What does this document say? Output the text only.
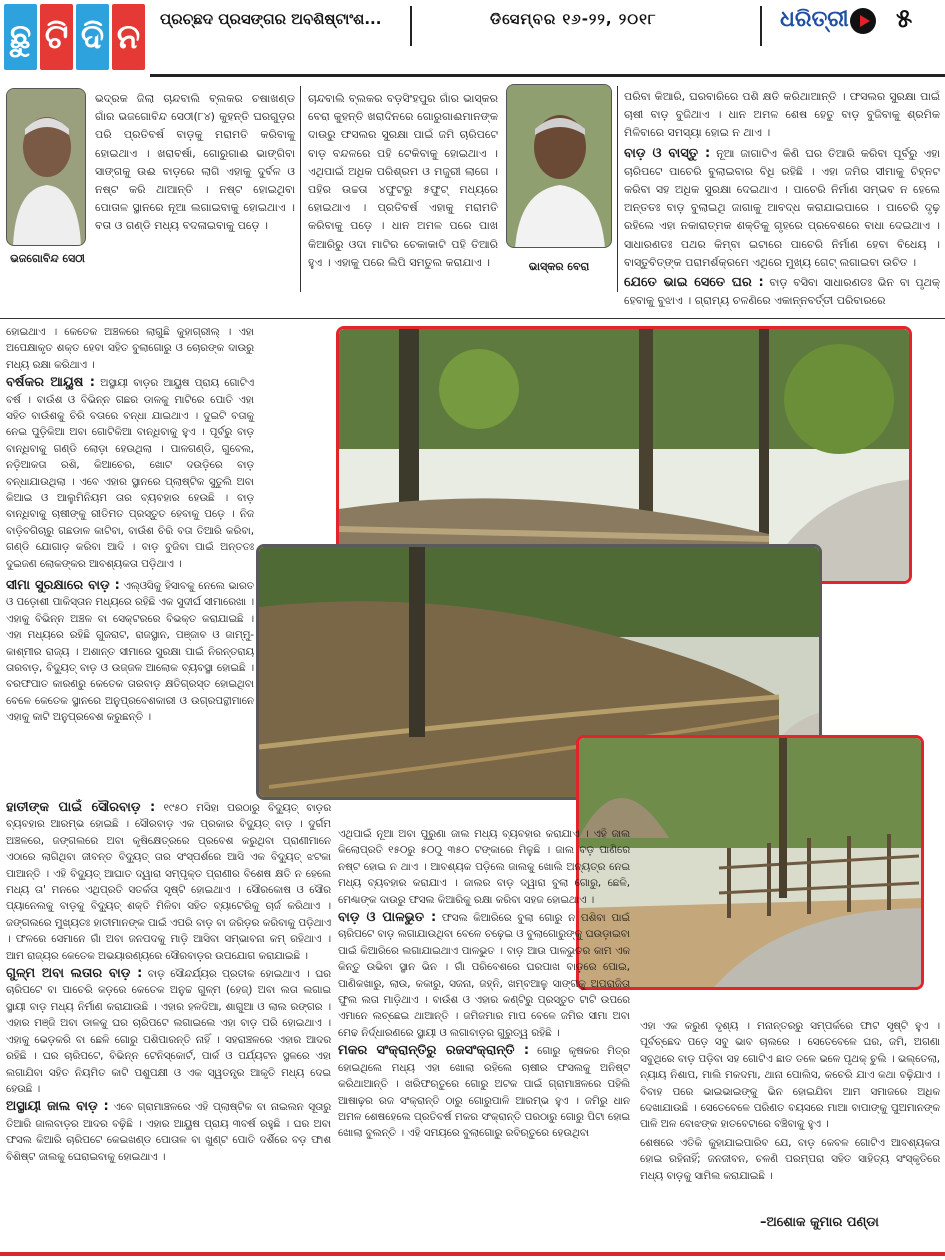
ଛୁ ଟି ଦି ନ	ପ୍ରଚ୍ଛଦ ପ୍ରସଙ୍ଗର ଅବଶିଷ୍ଟାଂଶ...	ଡିସେମ୍ବର ୧୬-୨୨, ୨୦୧୮	ଧରିତ୍ରୀ ୫
ଭଜଗୋବିନ୍ଦ ସେଠୀ

ଭଦ୍ରକ ଜିଲା ଚାନ୍ଦବାଲି ବ୍ଲକର ଚଷାଖଣ୍ଡ ଗାଁର ଭଜଗୋବିନ୍ଦ ସେଠୀ(୮୪) କୁହନ୍ତି ଘରଗୁଡ଼ର ପରି ପ୍ରତିବର୍ଷ ବାଡ଼କୁ ମରାମତି କରିବାକୁ ହୋଇଥାଏ । ଖରାବର୍ଷା, ଗୋରୁଗାଈ ଭାଙ୍ଗିବା ସାଙ୍ଗକୁ ଉଈ ବାଡ଼ରେ ଲାଗି ଏହାକୁ ଦୁର୍ବଳ ଓ ନଷ୍ଟ କରି ଥାଆନ୍ତି । ନଷ୍ଟ ହୋଇଥିବା ପୋତାଳ ସ୍ଥାନରେ ନୂଆ ଲଗାଇବାକୁ ହୋଇଥାଏ । ବତା ଓ ଗଣ୍ଡି ମଧ୍ୟ ବଦଳାଇବାକୁ ପଡ଼େ ।

ଚାନ୍ଦବାଲି ବ୍ଲକର ବଡ଼ସିଂହପୁର ଗାଁର ଭାସ୍କର ବେରା କୁହନ୍ତି ଖରାଦିନରେ ଗୋରୁଗାଈମାନଙ୍କ ଦାଉରୁ ଫସଲର ସୁରକ୍ଷା ପାଇଁ ଜମି ଚାରିପଟେ ବାଡ଼ ବନ୍ଦଳରେ ପହି ଟେକିବାକୁ ହୋଇଥାଏ । ଏଥିପାଇଁ ଅଧିକ ପରିଶ୍ରମ ଓ ମଜୁରୀ ଲାଗେ । ପହିର ଉଚ୍ଚତା ୪ଫୁଟରୁ ୫ଫୁଟ୍ ମଧ୍ୟରେ ହୋଇଥାଏ । ପ୍ରତିବର୍ଷ ଏହାକୁ ମରାମତି କରିବାକୁ ପଡ଼େ । ଧାନ ଅମଳ ପରେ ପାଖ କିଆରିରୁ ଓଦା ମାଟିର ଚେକାକାଟି ପହି ତିଆରି ହୁଏ । ଏହାକୁ ପରେ ଲିପି ସମତୁଲ କରାଯାଏ ।	ଭାସ୍କର ବେରା

ପରିବା କିଆରି, ଘରବାରିରେ ପଶି କ୍ଷତି କରିଥାଆନ୍ତି । ଫସଲର ସୁରକ୍ଷା ପାଇଁ ଚାଷୀ ବାଡ଼ ବୁଜିଥାଏ । ଧାନ ଅମଳ ଶେଷ ହେତୁ ବାଡ଼ ବୁଜିବାକୁ ଶ୍ରମିକ ମିଳିବାରେ ସମସ୍ୟା ହୋଇ ନ ଥାଏ ।

ବାଡ଼ ଓ ବାସ୍ତୁ : ନୂଆ ଜାଗାଟିଏ କିଣି ଘର ତିଆରି କରିବା ପୂର୍ବରୁ ଏହା ଚାରିପଟେ ପାଚେରି ବୁଲାଇବାର ବିଧି ରହିଛି । ଏହା ଜମିର ସୀମାକୁ ଚିହ୍ନଟ କରିବା ସହ ଅଧିକ ସୁରକ୍ଷା ଦେଇଥାଏ । ପାଚେରି ନିର୍ମାଣ ସମ୍ଭବ ନ ହେଲେ ଅନ୍ତତଃ ବାଡ଼ ବୁଲାଇଥି ଜାଗାକୁ ଆବଦ୍ଧ କରାଯାଇପାରେ । ପାଚେରି ଦୃଢ଼ ରହିଲେ ଏହା ନକାରାତ୍ମକ ଶକ୍ତିକୁ ଗୃହରେ ପ୍ରବେଶରେ ବାଧା ଦେଇଥାଏ । ସାଧାରଣତଃ ପଥର କିମ୍ବା ଇଟାରେ ପାଚେରି ନିର୍ମାଣ ହେବା ବିଧେୟ । ବାସ୍ତୁବିତ୍ଙ୍କ ପରାମର୍ଶକ୍ରମେ ଏଥିରେ ମୁଖ୍ୟ ଗେଟ୍ ଲଗାଇବା ଉଚିତ ।

ଯେତେ ଭାଇ ସେତେ ଘର : ବାଡ଼ ବସିବା ସାଧାରଣତଃ ଭିନ ବା ପୃଥକ୍ ହେବାକୁ ବୁଝାଏ । ଗ୍ରାମ୍ୟ ଚଳଣିରେ ଏକାନ୍ନବର୍ତ୍ତୀ ପରିବାରରେ

ହୋଇଥାଏ । କେତେକ ଅଞ୍ଚଳରେ ଲାଗୁଛି କୁହାଗ୍ରୀଲ୍ । ଏହା ଅପେକ୍ଷାକୃତ ଶକ୍ତ ହେବା ସହିତ ବୁଲାଗୋରୁ ଓ ଚୋରଙ୍କ ଦାଉରୁ ମଧ୍ୟ ରକ୍ଷା କରିଥାଏ ।

ବର୍ଷକର ଆୟୁଷ : ଅସ୍ଥାୟୀ ବାଡ଼ର ଆୟୁଷ ପ୍ରାୟ ଗୋଟିଏ ବର୍ଷ । ବାଉଁଶ ଓ ବିଭିନ୍ନ ଗଛର ଡାଳକୁ ମାଟିରେ ପୋତି ଏହା ସହିତ ବାଉଁଶକୁ ଚିରି ବତାରେ ବନ୍ଧା ଯାଇଥାଏ । ଦୁଇଟି ବତାକୁ ନେଇ ପୁଡ଼ିକିଆ ଅବା ଗୋଟିକିଆ ବାନ୍ଧିବାକୁ ହୁଏ । ପୂର୍ବରୁ ବାଡ଼ ବାନ୍ଧିବାକୁ ଗଣ୍ଡି ଲୋଡ଼ା ହେଉଥିଲା । ପାଳଗଣ୍ଡି, ଗୁବେଲ, ନଡ଼ିଆକତା ରଶି, କିଆଚେର, ଖୋଟ ଦଉଡ଼ିରେ ବାଡ଼ ବନ୍ଧାଯାଉଥିଲା । ଏବେ ଏହାର ସ୍ଥାନରେ ପ୍ଲାଷ୍ଟିକ ସୁତୁଲି ଅବା କିଆଇ ଓ ଆଲୁମିନିୟମ ତାର ବ୍ୟବହାର ହେଉଛି । ବାଡ଼ ବାନ୍ଧିବାକୁ ଚାଷୀଙ୍କୁ ରୀତିମତ ପ୍ରସ୍ତୁତ ହେବାକୁ ପଡ଼େ । ନିଜ ବାଡ଼ିବଗିଚାରୁ ଗଛଡାଳ କାଟିବା, ବାଉଁଶ ଚିରି ବତା ତିଆରି କରିବା, ଗଣ୍ଡି ଯୋଗାଡ଼ କରିବା ଆଦି । ବାଡ଼ ବୁଜିବା ପାଇଁ ଅନ୍ତତଃ ଦୁଇଜଣ ଲୋକଙ୍କର ଆବଶ୍ୟକତା ପଡ଼ିଥାଏ ।

ସୀମା ସୁରକ୍ଷାରେ ବାଡ଼ : ଏଲ୍ଓସିକୁ ହିସାବକୁ ନେଲେ ଭାରତ ଓ ପଡ଼ୋଶୀ ପାକିସ୍ତାନ ମଧ୍ୟରେ ରହିଛି ଏକ ସୁଦୀର୍ଘ ସୀମାରେଖା । ଏହାକୁ ବିଭିନ୍ନ ଅଞ୍ଚଳ ବା ସେକ୍ଟରରେ ବିଭକ୍ତ କରାଯାଇଛି । ଏହା ମଧ୍ୟରେ ରହିଛି ଗୁଜରାଟ, ରାଜସ୍ଥାନ, ପଞ୍ଜାବ ଓ ଜାମ୍ମୁ-କାଶ୍ମୀର ରାଜ୍ୟ । ଅଶାନ୍ତ ସୀମାରେ ସୁରକ୍ଷା ପାଇଁ ନିରନ୍ତରାୟ ତାରବାଡ଼, ବିଦ୍ୟୁତ୍ ବାଡ଼ ଓ ଉଜ୍ଜଳ ଆଲୋକ ବ୍ୟବସ୍ଥା ହୋଇଛି । ବରଫପାତ କାରଣରୁ କେତେକ ତାରବାଡ଼ କ୍ଷତିଗ୍ରସ୍ତ ହୋଇଥିବା ବେଳେ କେତେକ ସ୍ଥାନରେ ଅନୁପ୍ରବେଶକାରୀ ଓ ଉଗ୍ରପନ୍ଥୀମାନେ ଏହାକୁ କାଟି ଅନୁପ୍ରବେଶ କରୁଛନ୍ତି ।

ହାତୀଙ୍କ ପାଇଁ ସୌରବାଡ଼ : ୧୯୫୦ ମସିହା ପରଠାରୁ ବିଦ୍ୟୁତ୍ ବାଡ଼ର ବ୍ୟବହାର ଆରମ୍ଭ ହୋଇଛି । ସୌରବାଡ଼ ଏକ ପ୍ରକାର ବିଦ୍ୟୁତ୍ ବାଡ଼ । ଦୁର୍ଗମ ଅଞ୍ଚଳରେ, ଜଙ୍ଗଲରେ ଅବା କୃଷିକ୍ଷେତ୍ରରେ ପ୍ରବେଶ କରୁଥିବା ପ୍ରାଣୀମାନେ ଏଠାରେ ଲାଗିଥିବା ଜୀବନ୍ତ ବିଦ୍ୟୁତ୍ ତାର ସଂସ୍ପର୍ଶରେ ଆସି ଏକ ବିଦ୍ୟୁତ୍ ଝଟକା ପାଆନ୍ତି । ଏହି ବିଦ୍ୟୁତ୍ ଆଘାତ ଦ୍ୱାରା ସମ୍ପୃକ୍ତ ପ୍ରାଣୀର ବିଶେଷ କ୍ଷତି ନ ହେଲେ ମଧ୍ୟ ତା' ମନରେ ଏଥିପ୍ରତି ସତର୍କତା ସୃଷ୍ଟି ହୋଇଥାଏ । ସୌରକୋଷ ଓ ସୌର ପ୍ୟାନେଲକୁ ବାଡ଼କୁ ବିଦ୍ୟୁତ୍ ଶକ୍ତି ମିଳିବା ସହିତ ବ୍ୟାଟେରିକୁ ଚାର୍ଜ କରିଥାଏ । ଜଙ୍ଗଲରେ ମୁଖ୍ୟତଃ ହାତୀମାନଙ୍କ ପାଇଁ ଏପରି ବାଡ଼ ବା ଜରିଡ଼ର କରିବାକୁ ପଡ଼ିଥାଏ । ଫଳରେ ସେମାନେ ଗାଁ ଅବା ଜନପଦକୁ ମାଡ଼ି ଆସିବା ସମ୍ଭାବନା କମ୍ ରହିଥାଏ । ଆମ ରାଜ୍ୟର କେତେକ ଅଭୟାରଣ୍ୟରେ ସୌରବାଡ଼ର ଉପଯୋଗ କରାଯାଇଛି ।

ଗୁଳ୍ମ ଅବା ଲତାର ବାଡ଼ : ବାଡ଼ ସୌନ୍ଦର୍ଯ୍ୟର ପ୍ରତୀକ ହୋଇଥାଏ । ଘର ଚାରିପଟେ ବା ପାଚେରି କଡ଼ରେ କେତେକ ଅନୁଚ୍ଚ ଗୁଳ୍ମ (ହେଜ୍) ଅବା ଲତା ଲଗାଇ ସ୍ଥାୟୀ ବାଡ଼ ମଧ୍ୟ ନିର୍ମାଣ କରାଯାଉଛି । ଏହାର ହଳଦିଆ, ଶାଗୁଆ ଓ ଲାଲ ରଙ୍ଗର । ଏହାର ମଞ୍ଜି ଅବା ଡାଳକୁ ଘର ଚାରିପଟେ ଲଗାଇଲେ ଏହା ବାଡ଼ ପରି ହୋଇଥାଏ । ଏହାକୁ ଭେଡ଼କରି ବା ଛେଳି ଗୋରୁ ପଶିପାରନ୍ତି ନାହିଁ । ସହରାଞ୍ଚଳରେ ଏହାର ଆଦର ରହିଛି । ଘର ଚାରିପଟେ, ବିଭିନ୍ନ ଟେନିସ୍କୋର୍ଟ, ପାର୍କ ଓ ପର୍ଯ୍ୟଟନ ସ୍ଥଳରେ ଏହା ଲଗାଯିବା ସହିତ ନିୟମିତ କାଟି ପଶୁପକ୍ଷୀ ଓ ଏକ ସ୍ୱତନ୍ତ୍ର ଆକୃତି ମଧ୍ୟ ଦେଇ ହେଉଛି ।

ଅସ୍ଥାୟୀ ଜାଲ ବାଡ଼ : ଏବେ ଗ୍ରାମାଞ୍ଚଳରେ ଏହି ପ୍ଲାଷ୍ଟିକ ବା ନାଇଲନ ସୂତାରୁ ତିଆରି ଜାଲବାଡ଼ର ଆଦର ବଢ଼ିଛି । ଏହାର ଆୟୁଷ ପ୍ରାୟ ୩ବର୍ଷ ରହୁଛି । ଘର ଅବା ଫସଲ କିଆରି ଚାରିପଟେ କେଇଖଣ୍ଡ ପୋତାଳ ବା ଖୁଣ୍ଟ ପୋତି ଦର୍ଶିରେ ବଡ଼ ଫାଶ ବିଶିଷ୍ଟ ଜାଲକୁ ଘେରାଇବାକୁ ହୋଇଥାଏ ।

ଏଥିପାଇଁ ନୂଆ ଅବା ପୁରୁଣା ଜାଲ ମଧ୍ୟ ବ୍ୟବହାର କରାଯାଏ । ଏହି ଜାଲ କିଲୋପ୍ରତି ୧୫୦ରୁ ୫୦୦ୁ ୩୫୦ ଟଙ୍କାରେ ମିଳୁଛି । ଜାଲ ବଡ଼ ପାଣିରେ ନଷ୍ଟ ହୋଇ ନ ଥାଏ । ଆବଶ୍ୟକ ପଡ଼ିଲେ ଜାଲକୁ ଖୋଲି ଅନ୍ୟତ୍ର ନେଇ ମଧ୍ୟ ବ୍ୟବହାର କରାଯାଏ । ଜାଲର ବାଡ଼ ଦ୍ୱାରା ବୁଲା ଗୋରୁ, ଛେଳି, ମେଣ୍ଢାଙ୍କ ଦାଉରୁ ଫସଲ କିଆରିକୁ ରକ୍ଷା କରିବା ସହଜ ହୋଇଥାଏ ।

ବାଡ଼ ଓ ପାଳଭୁତ : ଫସଲ କିଆରିରେ ବୁଲା ଗୋରୁ ନ ପଶିବା ପାଇଁ ଚାରିପଟେ ବାଡ଼ ଲଗାଯାଉଥିବା ବେଳେ ଚଢ଼େଇ ଓ ବୁଲାଗୋରୁଙ୍କୁ ଘଉଡ଼ାଇବା ପାଇଁ କିଆରିରେ ଲଗାଯାଇଥାଏ ପାଳଭୁତ । ବାଡ଼ ଆଉ ପାଳଭୁତର କାମ ଏକ କିନ୍ତୁ ଉଭିବା ସ୍ଥାନ ଭିନ । ଗାଁ ପରିବେଶରେ ଘରପାଖ ବାଡ଼ରେ ପୋଇ, ପାଣିକଖାରୁ, ଲାଉ, କକାରୁ, ସଜନା, ଜହ୍ନି, ଖମ୍ବଆଳୁ ସାଙ୍ଗକୁ ଅପରାଜିତା ଫୁଲ ଲତା ମାଡ଼ିଥାଏ । ବାଉଁଶ ଓ ଏହାର କଣ୍ଟିରୁ ପ୍ରସ୍ତୁତ ଟାଟି ଉପରେ ଏମାନେ ଲଚ୍ଛେଇ ଥାଆନ୍ତି । ଜମିଜମାର ମାପ ବେଳେ ଜମିର ସୀମା ଅବା ମେଢ ନିର୍ଦ୍ଧାରଣରେ ସ୍ଥାୟୀ ଓ ଲଗାବାଡ଼ର ଗୁରୁତ୍ୱ ରହିଛି ।

ମକର ସଂକ୍ରାନ୍ତିରୁ ରଜସଂକ୍ରାନ୍ତି : ଗୋରୁ କୃଷକର ମିତ୍ର ହୋଇଥିଲେ ମଧ୍ୟ ଏହା ଖୋଲା ରହିଲେ ଚାଷୀର ଫସଲକୁ ଅନିଷ୍ଟ କରିଥାଆନ୍ତି । ଖରିଫଋତୁରେ ଗୋରୁ ଅଟକ ପାଇଁ ଗ୍ରାମାଞ୍ଚଳରେ ପହିଲି ଆଷାଢ଼ର ରଜ ସଂକ୍ରାନ୍ତି ଠାରୁ ଗୋରୁପାଳି ଆରମ୍ଭ ହୁଏ । ଜମିରୁ ଧାନ ଅମଳ ଶେଷହେଲେ ପ୍ରତିବର୍ଷ ମକର ସଂକ୍ରାନ୍ତି ପରଠାରୁ ଗୋରୁ ପିଟା ହୋଇ ଖୋଲା ବୁଲନ୍ତି । ଏହି ସମୟରେ ବୁଲାଗୋରୁ ରବିଋତୁରେ ହେଉଥିବା

ଏହା ଏକ କରୁଣ ଦୃଶ୍ୟ । ମନାନ୍ତରରୁ ସମ୍ପର୍କରେ ଫାଟ ସୃଷ୍ଟି ହୁଏ । ପୂର୍ବଚ୍ଛେଦ ପଡ଼େ ସବୁ ଭାବ ଚାଲରେ । ସେତେବେଳେ ଘର, ଜମି, ଅଗଣା ସବୁଥିରେ ବାଡ଼ ପଡ଼ିବା ସହ ଗୋଟିଏ ଛାତ ତଳେ ଭଳେ ପୃଥକ୍ ଚୁଲି । ଭଲ୍ତେଲା, ନ୍ୟାୟ ନିଶାପ, ମାଲି ମକଦମା, ଥାନା ପୋଲିସ, କଚେରି ଯାଏ କଥା ବଢ଼ିଯାଏ । ବିବାହ ପରେ ଭାଇଭାଇଙ୍କୁ ଭିନ ହୋଇଯିବା ଆମ ସମାଜରେ ଅଧିକ ଦେଖାଯାଉଛି । ସେତେବେଳେ ପରିଣତ ବୟସରେ ମାଆ ବାପାଙ୍କୁ ପୁଅମାନଙ୍କ ପାଳି ଅଳ ବୋଝଙ୍କ ହାତବେଟାରେ ବଞ୍ଚିବାକୁ ହୁଏ ।

ଶେଷରେ ଏତିକି କୁହାଯାଇପାରିବ ଯେ, ବାଡ଼ କେବଳ ଗୋଟିଏ ଆବଶ୍ୟକତା ହୋଇ ରହିନାହିଁ; ଜନଜୀବନ, ଚଳଣି ପରମ୍ପରା ସହିତ ସାହିତ୍ୟ ସଂସ୍କୃତିରେ ମଧ୍ୟ ବାଡ଼କୁ ସାମିଲ କରାଯାଇଛି ।

–ଅଶୋକ କୁମାର ପଣ୍ଡା
